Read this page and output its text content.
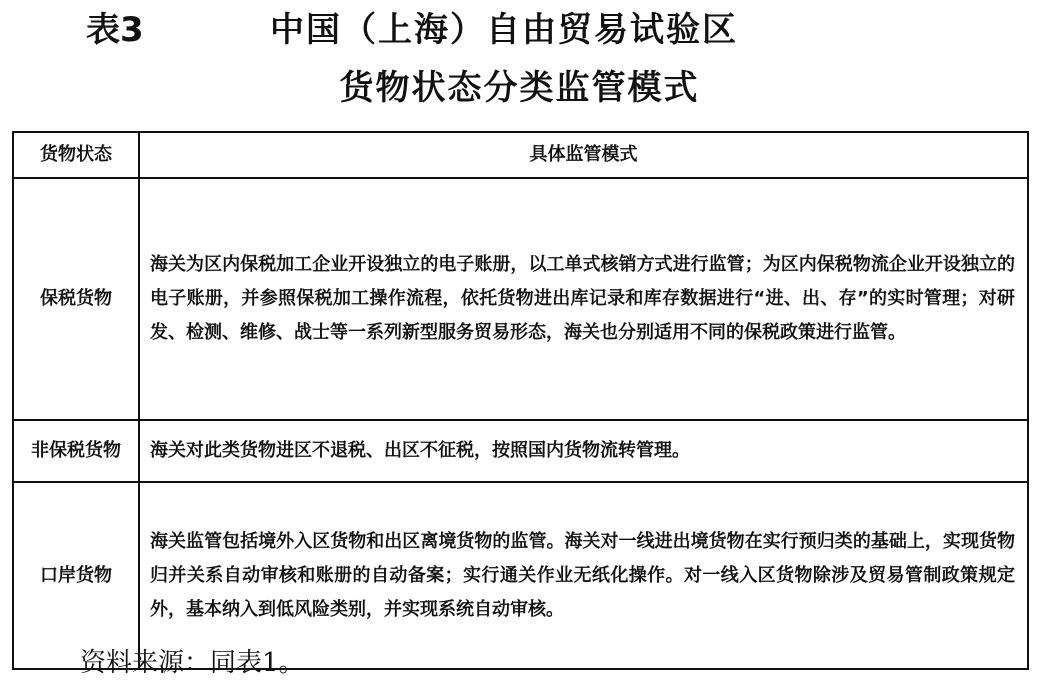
表3	中国（上海）自由贸易试验区
货物状态分类监管模式
货物状态	具体监管模式
保税货物	海关为区内保税加工企业开设独立的电子账册，以工单式核销方式进行监管；为区内保税物流企业开设独立的电子账册，并参照保税加工操作流程，依托货物进出库记录和库存数据进行“进、出、存”的实时管理；对研发、检测、维修、战士等一系列新型服务贸易形态，海关也分别适用不同的保税政策进行监管。
非保税货物	海关对此类货物进区不退税、出区不征税，按照国内货物流转管理。
口岸货物	海关监管包括境外入区货物和出区离境货物的监管。海关对一线进出境货物在实行预归类的基础上，实现货物归并关系自动审核和账册的自动备案；实行通关作业无纸化操作。对一线入区货物除涉及贸易管制政策规定外，基本纳入到低风险类别，并实现系统自动审核。
资料来源：同表1。
